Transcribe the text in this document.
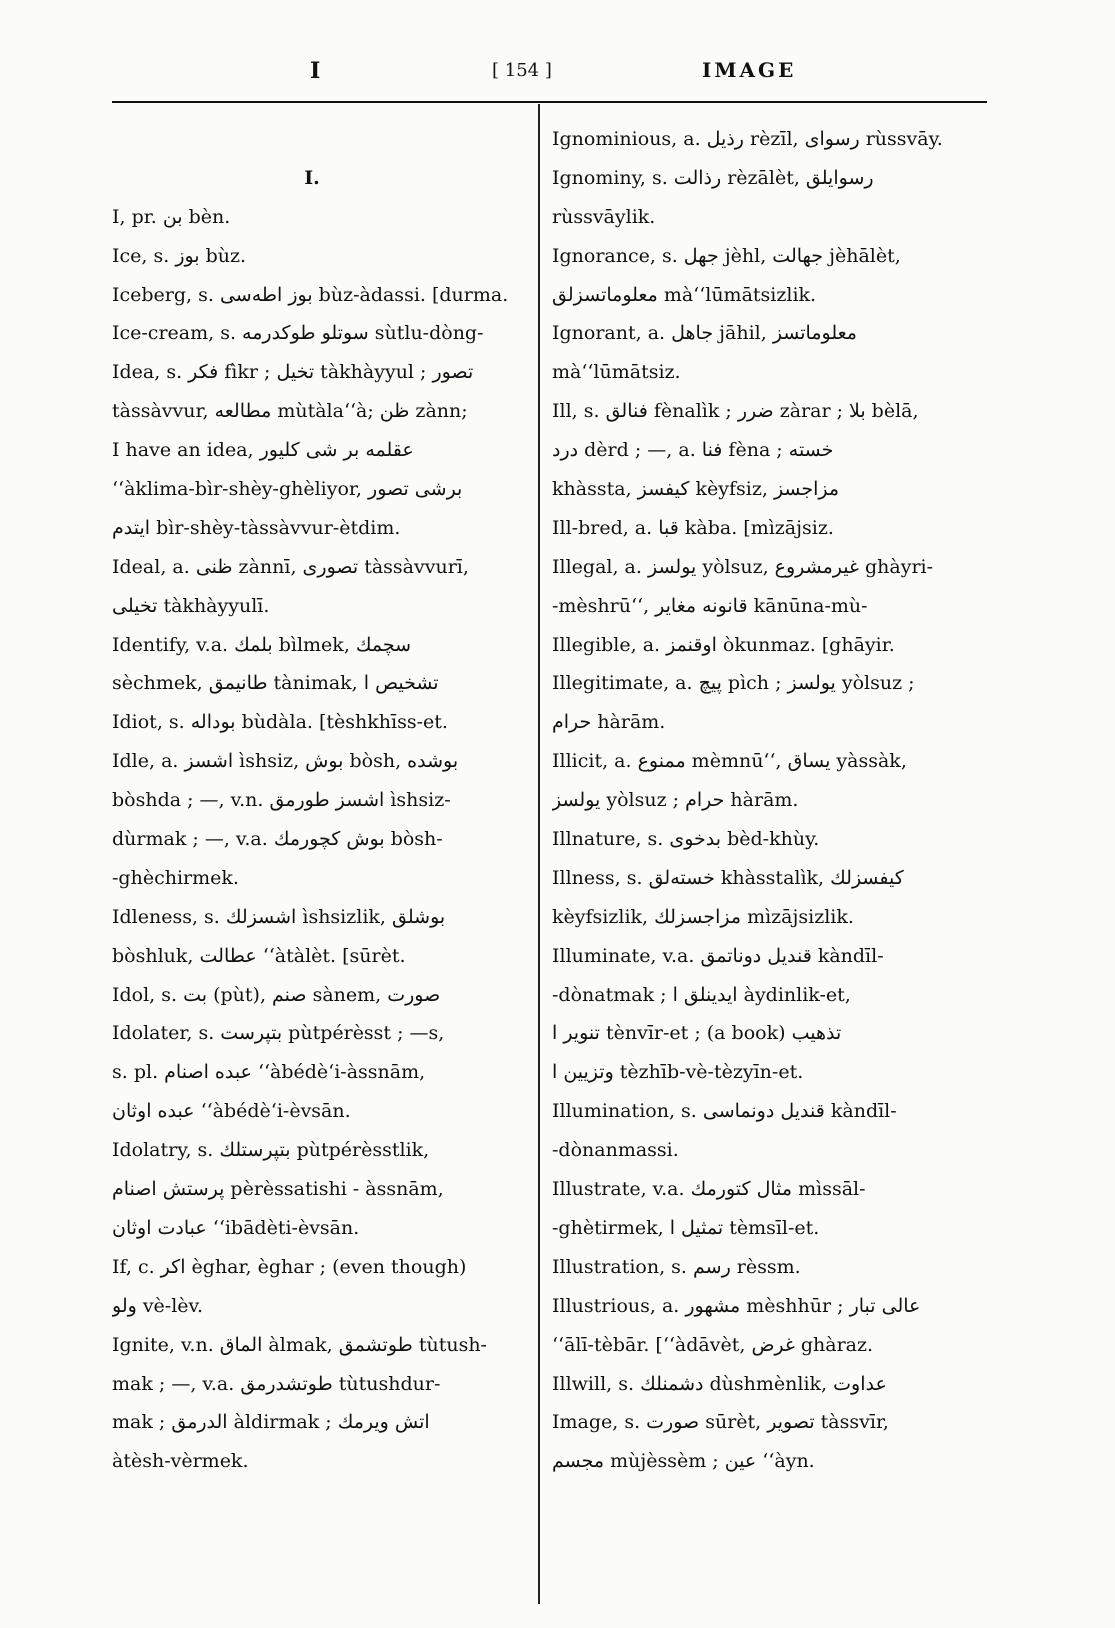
I	[ 154 ]	IMAGE
I.
I, pr. بن bèn.
Ice, s. بوز bùz.
Iceberg, s. بوز اطه‌سی bùz-àdassi. [durma.
Ice-cream, s. سوتلو طوکدرمه sùtlu-dòng-
Idea, s. فکر fìkr ; تخیل tàkhàyyul ; تصور
tàssàvvur, مطالعه mùtàla‘‘à; ظن zànn;
I have an idea, عقلمه بر شی کلیور
‘‘àklima-bìr-shèy-ghèliyor, برشی تصور
ایتدم bìr-shèy-tàssàvvur-ètdim.
Ideal, a. ظنی zànnī, تصوری tàssàvvurī,
تخیلی tàkhàyyulī.
Identify, v.a. بلمك bìlmek, سچمك
sèchmek, طانیمق tànimak, تشخیص ا
Idiot, s. بوداله bùdàla. [tèshkhīss-et.
Idle, a. اشسز ìshsiz, بوش bòsh, بوشده
bòshda ; —, v.n. اشسز طورمق ìshsiz-
dùrmak ; —, v.a. بوش کچورمك bòsh-
-ghèchirmek.
Idleness, s. اشسزلك ìshsizlik, بوشلق
bòshluk, عطالت ‘‘àtàlèt. [sūrèt.
Idol, s. بت (pùt), صنم sànem, صورت
Idolater, s. بتپرست pùtpérèsst ; —s,
s. pl. عبده اصنام ‘‘àbédè‘i-àssnām,
عبده اوثان ‘‘àbédè‘i-èvsān.
Idolatry, s. بتپرستلك pùtpérèsstlik,
پرستش اصنام pèrèssatishi - àssnām,
عبادت اوثان ‘‘ibādèti-èvsān.
If, c. اکر èghar, èghar ; (even though)
ولو vè-lèv.
Ignite, v.n. الماق àlmak, طوتشمق tùtush-
mak ; —, v.a. طوتشدرمق tùtushdur-
mak ; الدرمق àldirmak ; اتش ویرمك
àtèsh-vèrmek.
Ignominious, a. رذیل rèzīl, رسوای rùssvāy.
Ignominy, s. رذالت rèzālèt, رسوایلق
rùssvāylik.
Ignorance, s. جهل jèhl, جهالت jèhālèt,
معلوماتسزلق mà‘‘lūmātsizlik.
Ignorant, a. جاهل jāhil, معلوماتسز
mà‘‘lūmātsiz.
Ill, s. فنالق fènalìk ; ضرر zàrar ; بلا bèlā,
درد dèrd ; —, a. فنا fèna ; خسته
khàssta, کیفسز kèyfsiz, مزاجسز
Ill-bred, a. قبا kàba. [mìzājsiz.
Illegal, a. یولسز yòlsuz, غیرمشروع ghàyri-
-mèshrū‘‘, قانونه مغایر kānūna-mù-
Illegible, a. اوقنمز òkunmaz. [ghāyir.
Illegitimate, a. پیچ pìch ; یولسز yòlsuz ;
حرام hàrām.
Illicit, a. ممنوع mèmnū‘‘, یساق yàssàk,
یولسز yòlsuz ; حرام hàrām.
Illnature, s. بدخوی bèd-khùy.
Illness, s. خسته‌لق khàsstalìk, کیفسزلك
kèyfsizlik, مزاجسزلك mìzājsizlik.
Illuminate, v.a. قندیل دوناتمق kàndīl-
-dònatmak ; ایدینلق ا àydinlik-et,
تنویر ا tènvīr-et ; (a book) تذهیب
وتزیین ا tèzhīb-vè-tèzyīn-et.
Illumination, s. قندیل دونماسی kàndīl-
-dònanmassi.
Illustrate, v.a. مثال کتورمك mìssāl-
-ghètirmek, تمثیل ا tèmsīl-et.
Illustration, s. رسم rèssm.
Illustrious, a. مشهور mèshhūr ; عالی تبار
‘‘ālī-tèbār. [‘‘àdāvèt, غرض ghàraz.
Illwill, s. دشمنلك dùshmènlik, عداوت
Image, s. صورت sūrèt, تصویر tàssvīr,
مجسم mùjèssèm ; عین ‘‘àyn.
